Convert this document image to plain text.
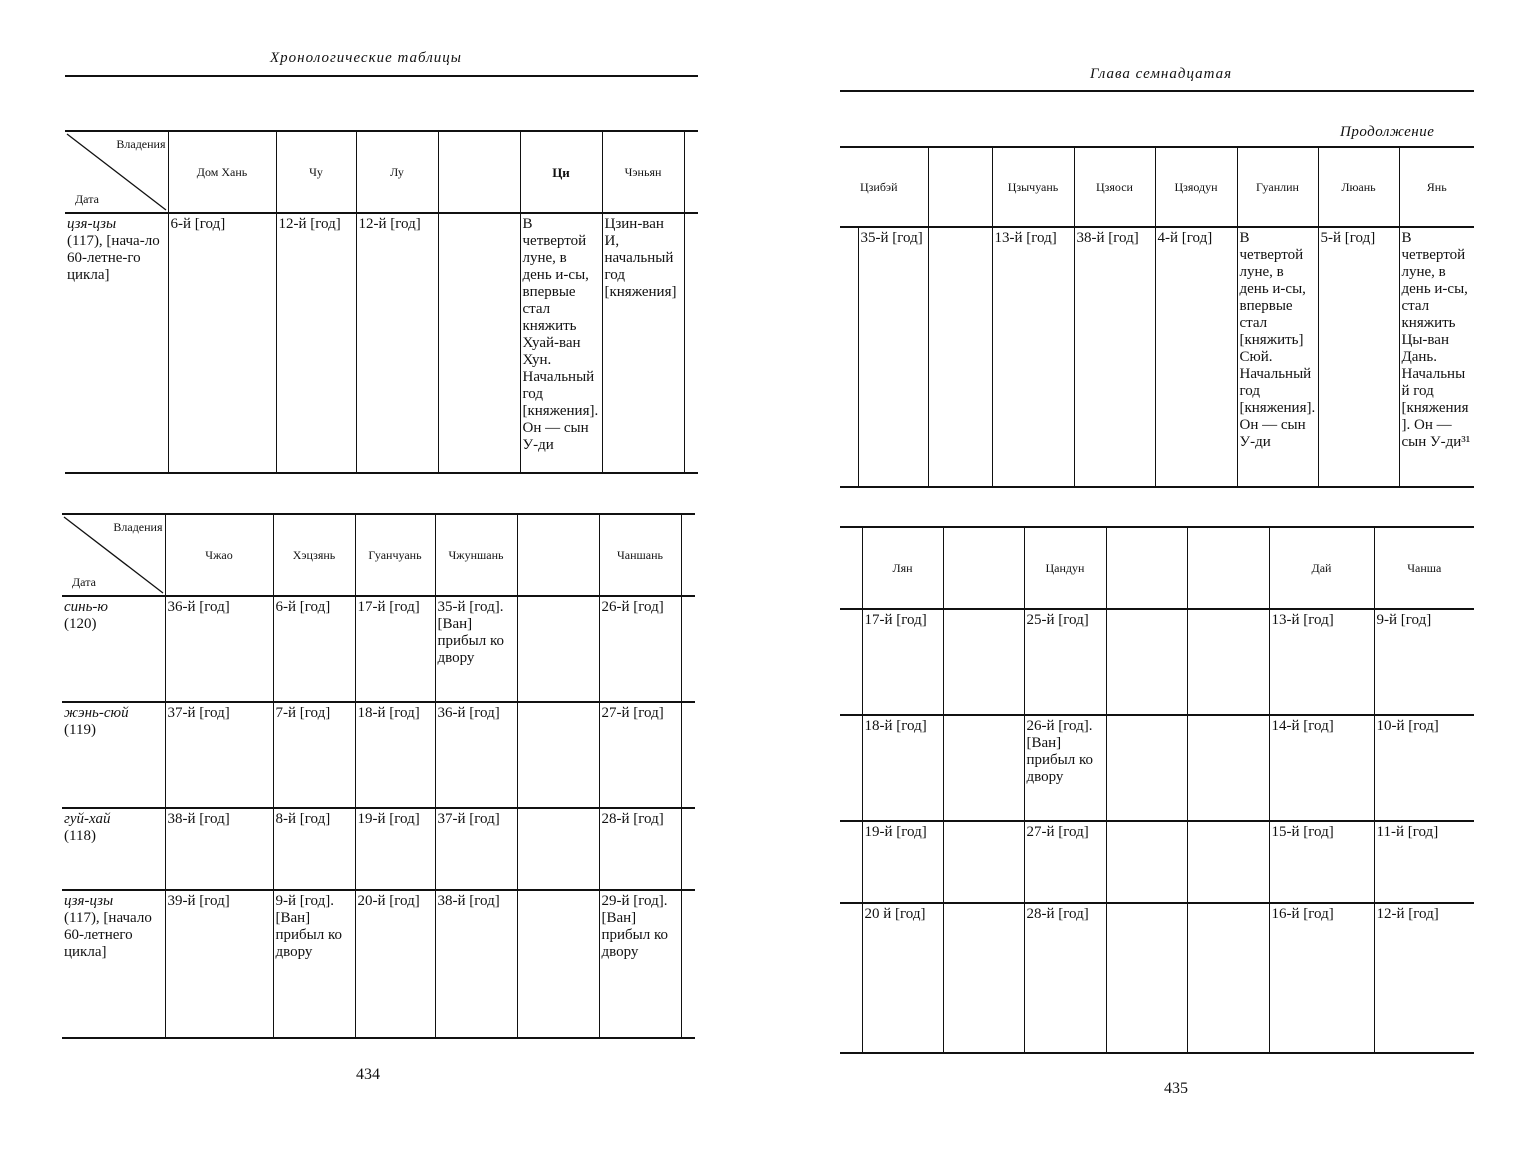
Хронологические таблицы
Владения
Дата	Дом Хань	Чу	Лу		Ци	Чэньян	
цзя-цзы
(117), [нача-ло 60-летне-го цикла]	6-й [год]	12-й [год]	12-й [год]		В четвертой луне, в день и-сы, впервые стал княжить Хуай-ван Хун. Начальный год [княжения]. Он — сын У-ди	Цзин-ван И, начальный год [княжения]	
Владения
Дата	Чжао	Хэцзянь	Гуанчуань	Чжуншань		Чаншань	
синь-ю
(120)	36-й [год]	6-й [год]	17-й [год]	35-й [год]. [Ван] прибыл ко двору		26-й [год]	
жэнь-сюй
(119)	37-й [год]	7-й [год]	18-й [год]	36-й [год]		27-й [год]	
гуй-хай
(118)	38-й [год]	8-й [год]	19-й [год]	37-й [год]		28-й [год]	
цзя-цзы
(117), [начало 60-летнего цикла]	39-й [год]	9-й [год]. [Ван] прибыл ко двору	20-й [год]	38-й [год]		29-й [год]. [Ван] прибыл ко двору	
434
Глава семнадцатая
Продолжение
	Цзибэй		Цзычуань	Цзяоси	Цзяодун	Гуанлин	Люань	Янь
	35-й [год]		13-й [год]	38-й [год]	4-й [год]	В четвертой луне, в день и-сы, впервые стал [княжить] Сюй. Начальный год [княжения]. Он — сын У-ди	5-й [год]	В четвертой луне, в день и-сы, стал княжить Цы-ван Дань. Начальный год [княжения]. Он — сын У-ди³¹
	Лян		Цандун			Дай	Чанша
	17-й [год]		25-й [год]			13-й [год]	9-й [год]
	18-й [год]		26-й [год]. [Ван] прибыл ко двору			14-й [год]	10-й [год]
	19-й [год]		27-й [год]			15-й [год]	11-й [год]
	20 й [год]		28-й [год]			16-й [год]	12-й [год]
435
